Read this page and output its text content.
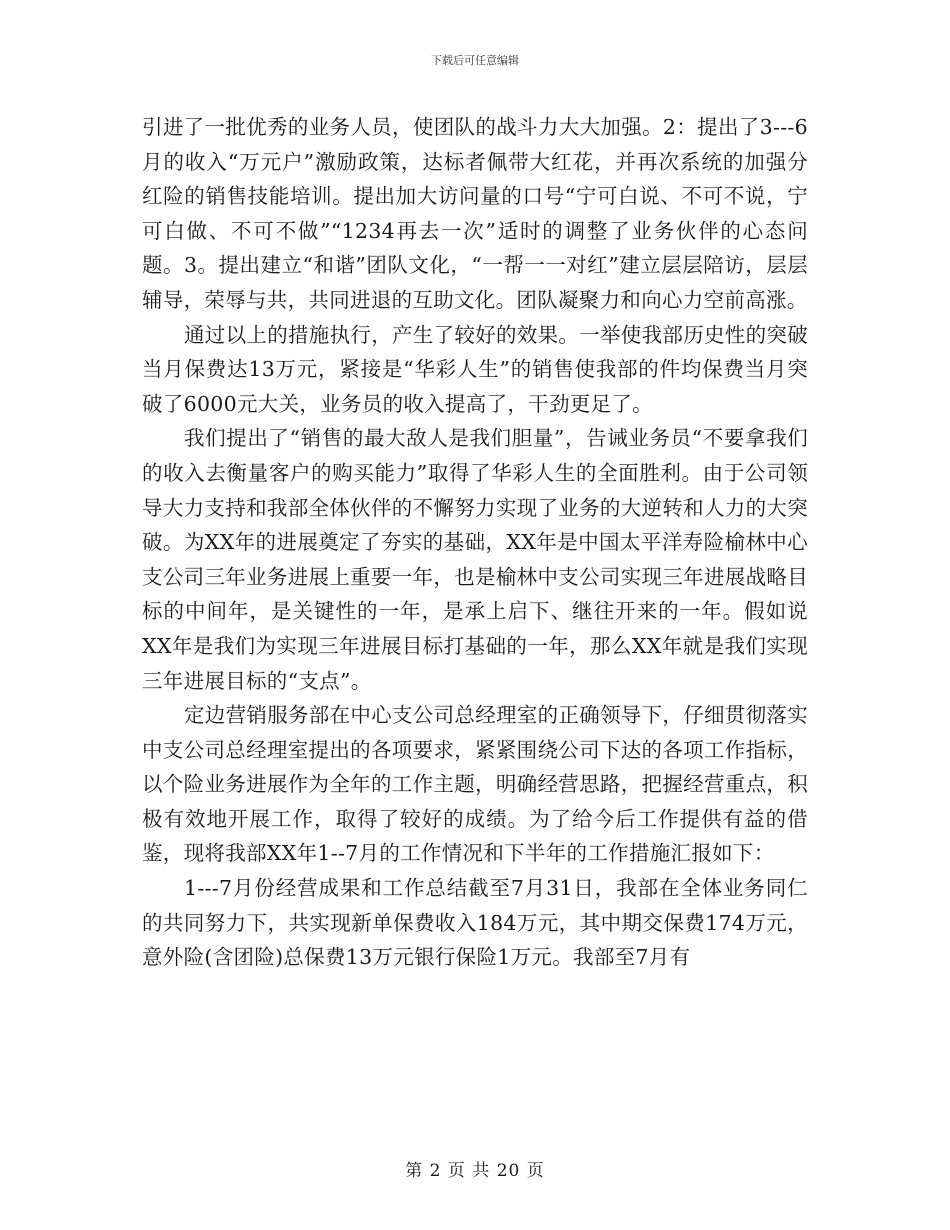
下载后可任意编辑

引进了一批优秀的业务人员，使团队的战斗力大大加强。2：提出了3---6月的收入“万元户”激励政策，达标者佩带大红花，并再次系统的加强分红险的销售技能培训。提出加大访问量的口号“宁可白说、不可不说，宁可白做、不可不做”“1234再去一次”适时的调整了业务伙伴的心态问题。3。提出建立“和谐”团队文化，“一帮一一对红”建立层层陪访，层层辅导，荣辱与共，共同进退的互助文化。团队凝聚力和向心力空前高涨。

通过以上的措施执行，产生了较好的效果。一举使我部历史性的突破当月保费达13万元，紧接是“华彩人生”的销售使我部的件均保费当月突破了6000元大关，业务员的收入提高了，干劲更足了。

我们提出了“销售的最大敌人是我们胆量”，告诫业务员“不要拿我们的收入去衡量客户的购买能力”取得了华彩人生的全面胜利。由于公司领导大力支持和我部全体伙伴的不懈努力实现了业务的大逆转和人力的大突破。为XX年的进展奠定了夯实的基础，XX年是中国太平洋寿险榆林中心支公司三年业务进展上重要一年，也是榆林中支公司实现三年进展战略目标的中间年，是关键性的一年，是承上启下、继往开来的一年。假如说XX年是我们为实现三年进展目标打基础的一年，那么XX年就是我们实现三年进展目标的“支点”。

定边营销服务部在中心支公司总经理室的正确领导下，仔细贯彻落实中支公司总经理室提出的各项要求，紧紧围绕公司下达的各项工作指标，以个险业务进展作为全年的工作主题，明确经营思路，把握经营重点，积极有效地开展工作，取得了较好的成绩。为了给今后工作提供有益的借鉴，现将我部XX年1--7月的工作情况和下半年的工作措施汇报如下：

1---7月份经营成果和工作总结截至7月31日，我部在全体业务同仁的共同努力下，共实现新单保费收入184万元，其中期交保费174万元，意外险(含团险)总保费13万元银行保险1万元。我部至7月有

第 2 页 共 20 页
